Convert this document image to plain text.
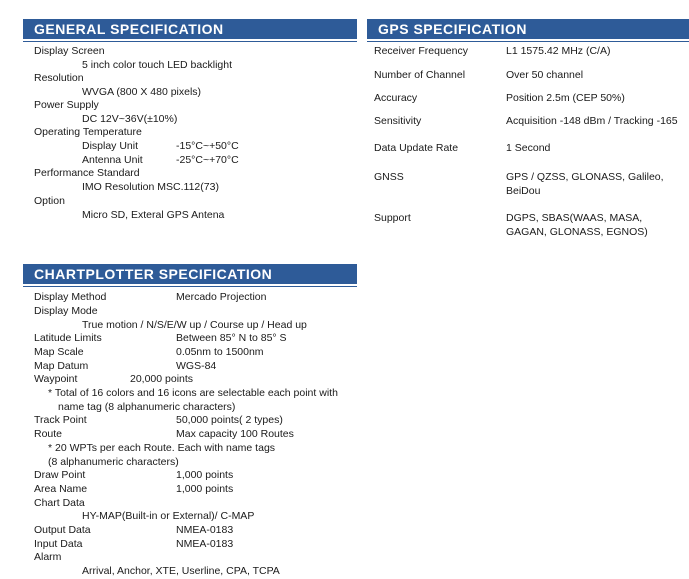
GENERAL SPECIFICATION
Display Screen
5 inch color touch LED backlight
Resolution
WVGA (800 X 480 pixels)
Power Supply
DC 12V~36V(±10%)
Operating Temperature
Display Unit	-15°C~+50°C
Antenna Unit	-25°C~+70°C
Performance Standard
IMO Resolution MSC.112(73)
Option
Micro SD, Exteral GPS Antena
GPS SPECIFICATION
Receiver Frequency	L1 1575.42 MHz (C/A)
Number of Channel	Over 50 channel
Accuracy	Position 2.5m (CEP 50%)
Sensitivity	Acquisition -148 dBm / Tracking -165
Data Update Rate	1 Second
GNSS	GPS / QZSS, GLONASS, Galileo,
BeiDou
Support	DGPS, SBAS(WAAS, MASA,
GAGAN, GLONASS, EGNOS)
CHARTPLOTTER SPECIFICATION
Display Method	Mercado Projection
Display Mode
True motion / N/S/E/W up / Course up / Head up
Latitude Limits	Between 85° N to 85° S
Map Scale	0.05nm to 1500nm
Map Datum	WGS-84
Waypoint	20,000 points
* Total of 16 colors and 16 icons are selectable each point with
name tag (8 alphanumeric characters)
Track Point	50,000 points( 2 types)
Route	Max capacity 100 Routes
* 20 WPTs per each Route. Each with name tags
(8 alphanumeric characters)
Draw Point	1,000 points
Area Name	1,000 points
Chart Data
HY-MAP(Built-in or External)/ C-MAP
Output Data	NMEA-0183
Input Data	NMEA-0183
Alarm
Arrival, Anchor, XTE, Userline, CPA, TCPA
